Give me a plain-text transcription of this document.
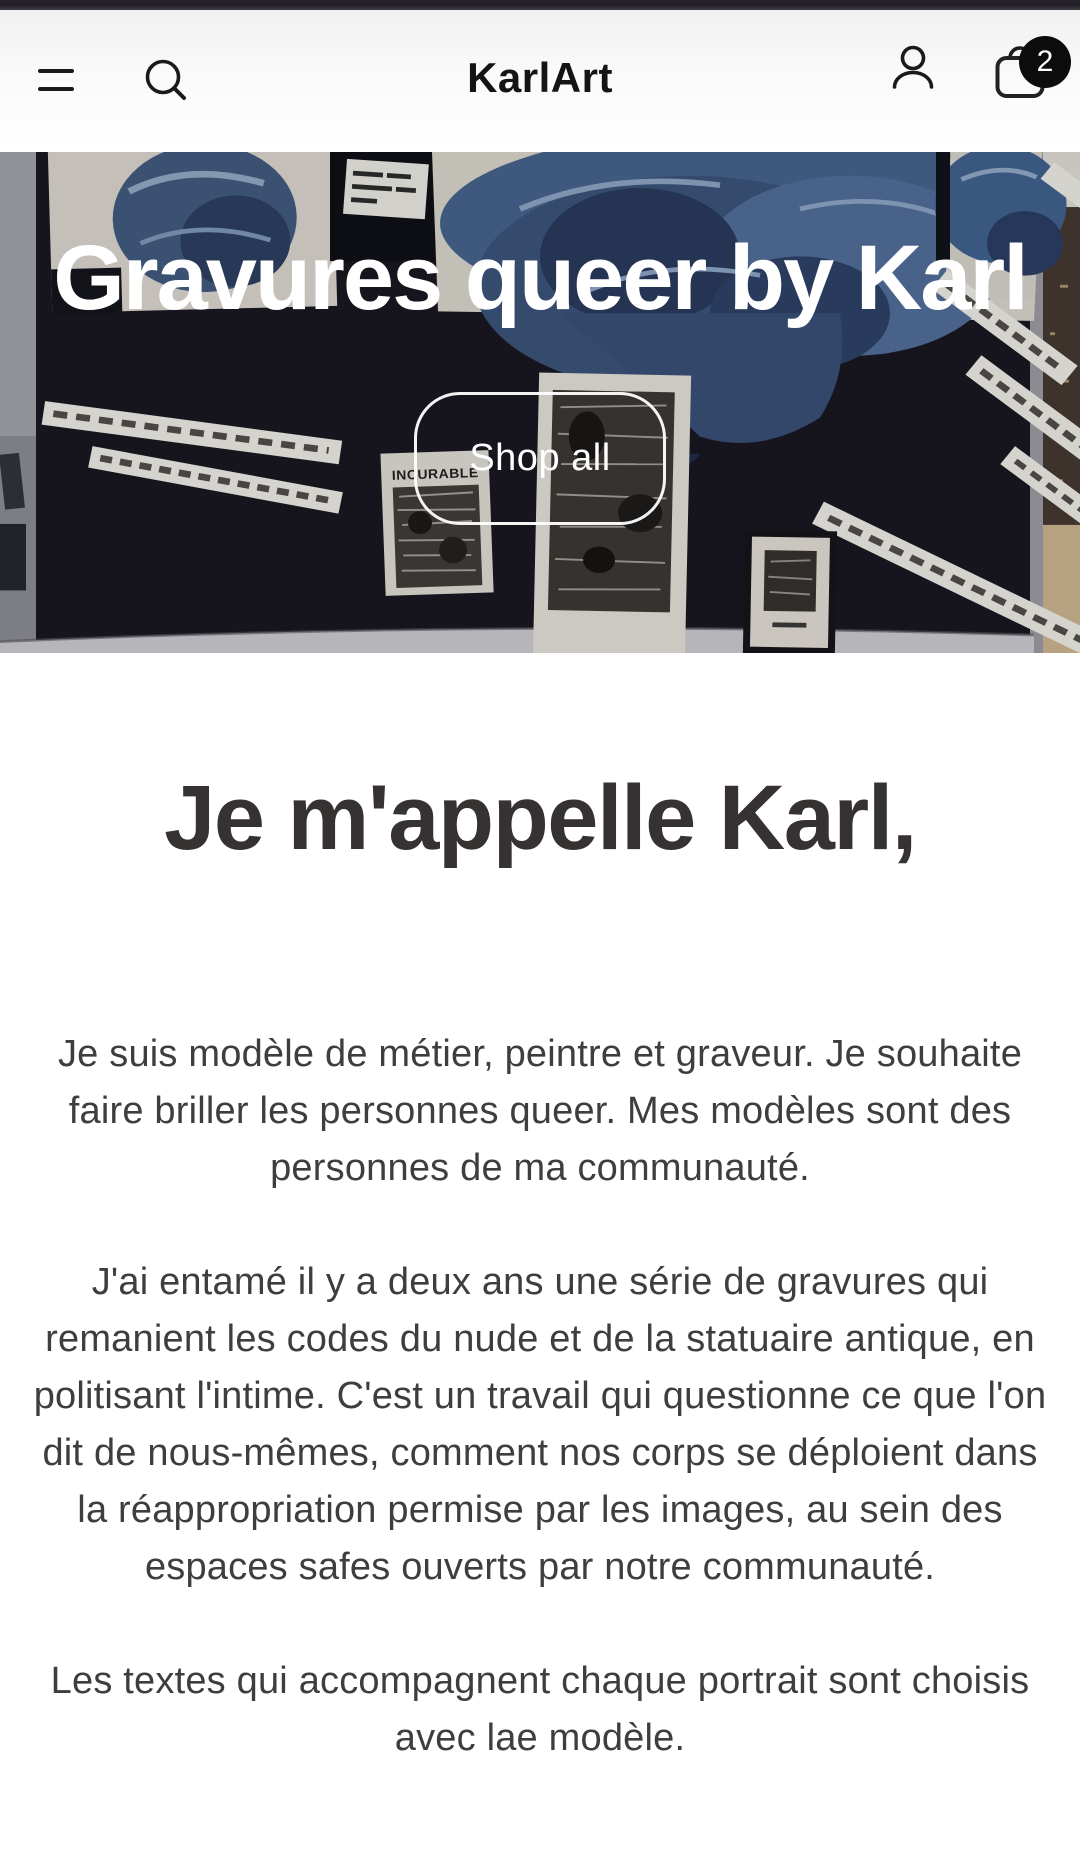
KarlArt	2
INCURABLE
Gravures queer by Karl
Shop all
Je m'appelle Karl,

Je suis modèle de métier, peintre et graveur. Je souhaite faire briller les personnes queer. Mes modèles sont des personnes de ma communauté.

J'ai entamé il y a deux ans une série de gravures qui remanient les codes du nude et de la statuaire antique, en politisant l'intime. C'est un travail qui questionne ce que l'on dit de nous-mêmes, comment nos corps se déploient dans la réappropriation permise par les images, au sein des espaces safes ouverts par notre communauté.

Les textes qui accompagnent chaque portrait sont choisis avec lae modèle.
